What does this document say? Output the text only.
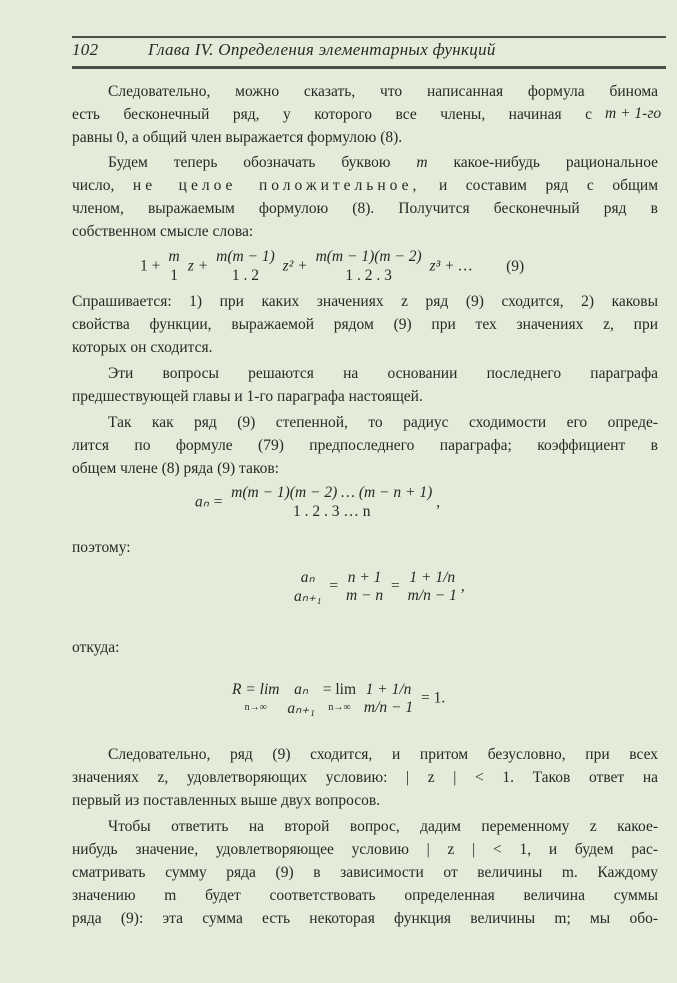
102	Глава IV. Определения элементарных функций
Следовательно, можно сказать, что написанная формула бинома
есть бесконечный ряд, у которого все члены, начиная с m + 1-го
равны 0, а общий член выражается формулою (8).
Будем теперь обозначать буквою m какое-нибудь рациональное
число, не целое положительное, и составим ряд с общим
членом, выражаемым формулою (8). Получится бесконечный ряд в
собственном смысле слова:
1 +
m
1
z +
m(m − 1)
1 . 2
z² +
m(m − 1)(m − 2)
1 . 2 . 3
z³ + … (9)
Спрашивается: 1) при каких значениях z ряд (9) сходится, 2) каковы
свойства функции, выражаемой рядом (9) при тех значениях z, при
которых он сходится.
Эти вопросы решаются на основании последнего параграфа
предшествующей главы и 1-го параграфа настоящей.
Так как ряд (9) степенной, то радиус сходимости его опреде-
лится по формуле (79) предпоследнего параграфа; коэффициент в
общем члене (8) ряда (9) таков:
aₙ =
m(m − 1)(m − 2) … (m − n + 1)
1 . 2 . 3 … n
,
поэтому:
aₙ
aₙ₊₁
=
n + 1
m − n
=
1 + 1/n
m/n − 1
,
откуда:
R = lim
n→∞

aₙ
aₙ₊₁

= lim
n→∞

1 + 1/n
m/n − 1
= 1.
Следовательно, ряд (9) сходится, и притом безусловно, при всех
значениях z, удовлетворяющих условию: | z | < 1. Таков ответ на
первый из поставленных выше двух вопросов.
Чтобы ответить на второй вопрос, дадим переменному z какое-
нибудь значение, удовлетворяющее условию | z | < 1, и будем рас-
сматривать сумму ряда (9) в зависимости от величины m. Каждому
значению m будет соответствовать определенная величина суммы
ряда (9): эта сумма есть некоторая функция величины m; мы обо-
